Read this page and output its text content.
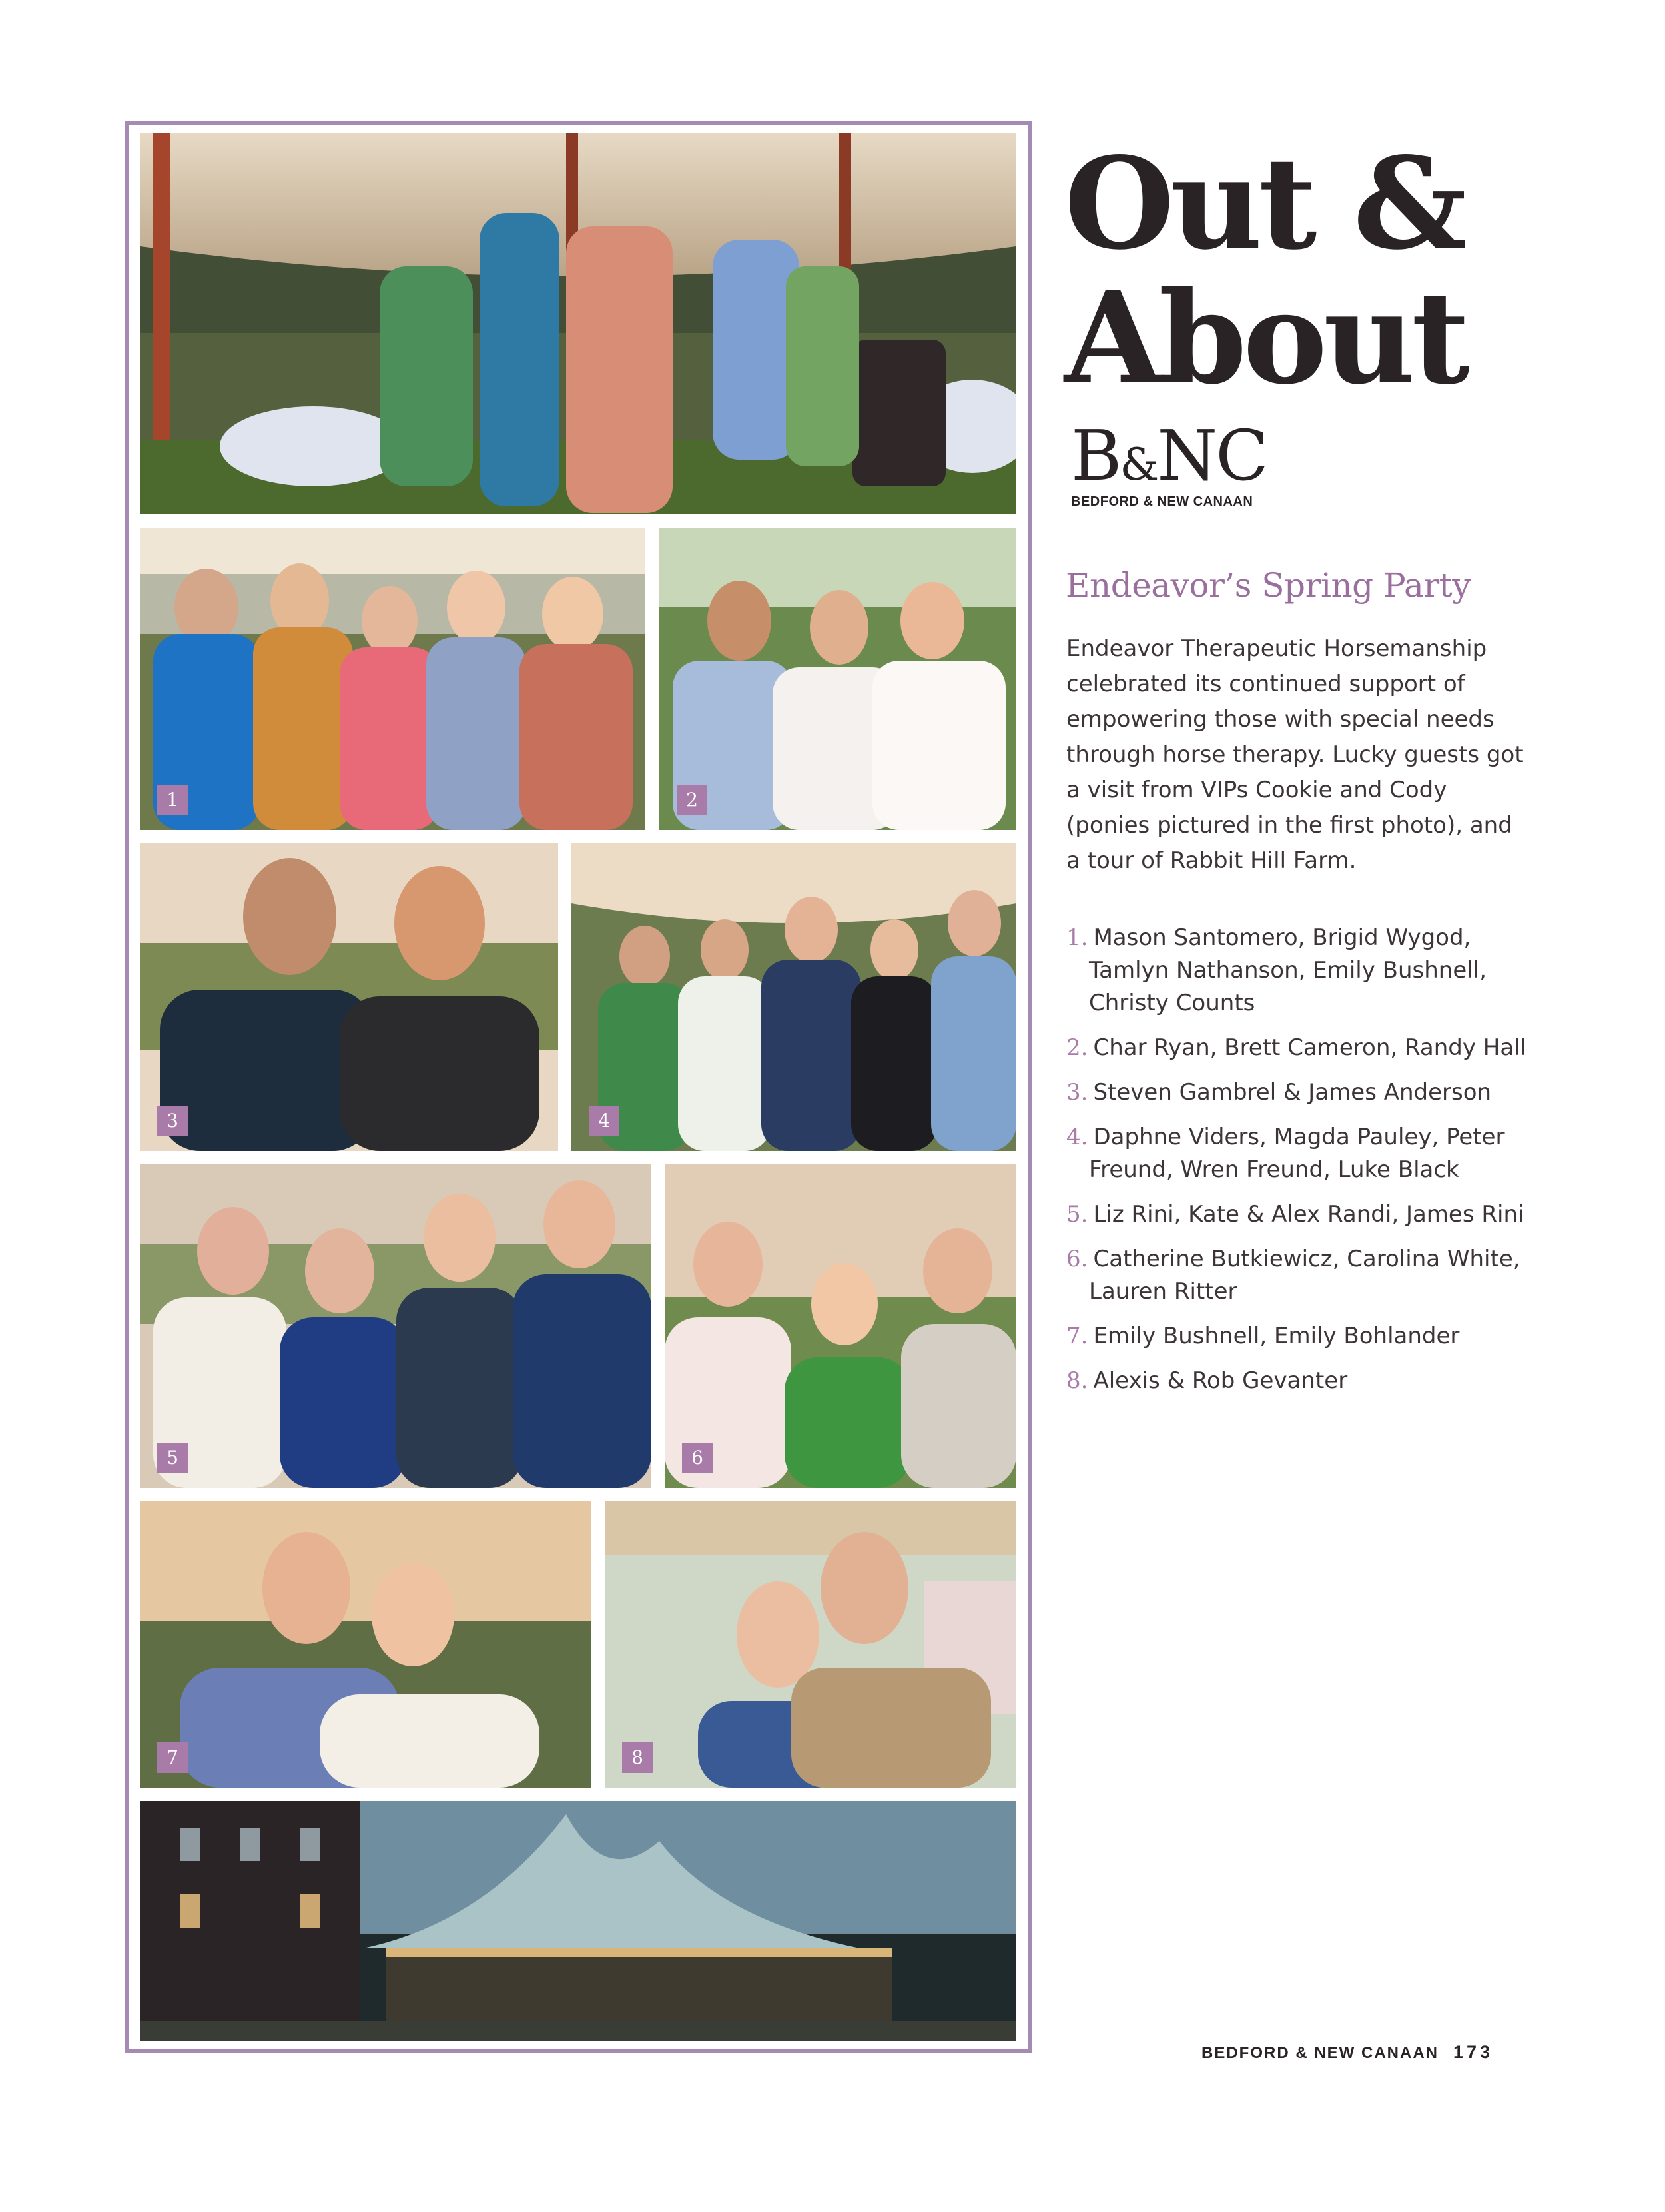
1	2
3	4
5	6
7	8
Out &
About
B&NC
BEDFORD & NEW CANAAN
Endeavor’s Spring Party
Endeavor Therapeutic Horsemanship celebrated its continued support of empowering those with special needs through horse therapy. Lucky guests got a visit from VIPs Cookie and Cody (ponies pictured in the first photo), and a tour of Rabbit Hill Farm.
1. Mason Santomero, Brigid Wygod, Tamlyn Nathanson, Emily Bushnell, Christy Counts
2. Char Ryan, Brett Cameron, Randy Hall
3. Steven Gambrel & James Anderson
4. Daphne Viders, Magda Pauley, Peter Freund, Wren Freund, Luke Black
5. Liz Rini, Kate & Alex Randi, James Rini
6. Catherine Butkiewicz, Carolina White, Lauren Ritter
7. Emily Bushnell, Emily Bohlander
8. Alexis & Rob Gevanter
BEDFORD & NEW CANAAN 173
